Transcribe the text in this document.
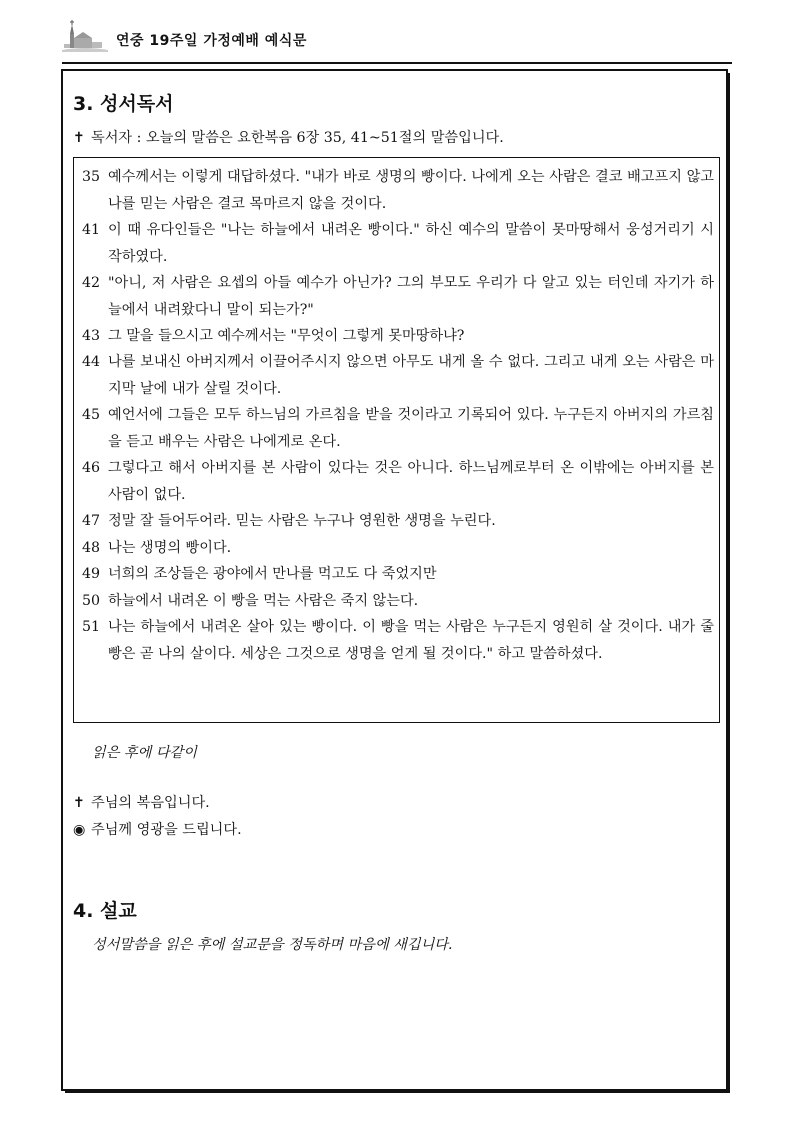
연중 19주일 가정예배 예식문
3. 성서독서
✝ 독서자 : 오늘의 말씀은 요한복음 6장 35, 41~51절의 말씀입니다.
35 예수께서는 이렇게 대답하셨다. "내가 바로 생명의 빵이다. 나에게 오는 사람은 결코 배고프지 않고 나를 믿는 사람은 결코 목마르지 않을 것이다.
41 이 때 유다인들은 "나는 하늘에서 내려온 빵이다." 하신 예수의 말씀이 못마땅해서 웅성거리기 시작하였다.
42 "아니, 저 사람은 요셉의 아들 예수가 아닌가? 그의 부모도 우리가 다 알고 있는 터인데 자기가 하늘에서 내려왔다니 말이 되는가?"
43 그 말을 들으시고 예수께서는 "무엇이 그렇게 못마땅하냐?
44 나를 보내신 아버지께서 이끌어주시지 않으면 아무도 내게 올 수 없다. 그리고 내게 오는 사람은 마지막 날에 내가 살릴 것이다.
45 예언서에 그들은 모두 하느님의 가르침을 받을 것이라고 기록되어 있다. 누구든지 아버지의 가르침을 듣고 배우는 사람은 나에게로 온다.
46 그렇다고 해서 아버지를 본 사람이 있다는 것은 아니다. 하느님께로부터 온 이밖에는 아버지를 본 사람이 없다.
47 정말 잘 들어두어라. 믿는 사람은 누구나 영원한 생명을 누린다.
48 나는 생명의 빵이다.
49 너희의 조상들은 광야에서 만나를 먹고도 다 죽었지만
50 하늘에서 내려온 이 빵을 먹는 사람은 죽지 않는다.
51 나는 하늘에서 내려온 살아 있는 빵이다. 이 빵을 먹는 사람은 누구든지 영원히 살 것이다. 내가 줄 빵은 곧 나의 살이다. 세상은 그것으로 생명을 얻게 될 것이다." 하고 말씀하셨다.
읽은 후에 다같이
✝ 주님의 복음입니다.
◉ 주님께 영광을 드립니다.
4. 설교
성서말씀을 읽은 후에 설교문을 정독하며 마음에 새깁니다.
